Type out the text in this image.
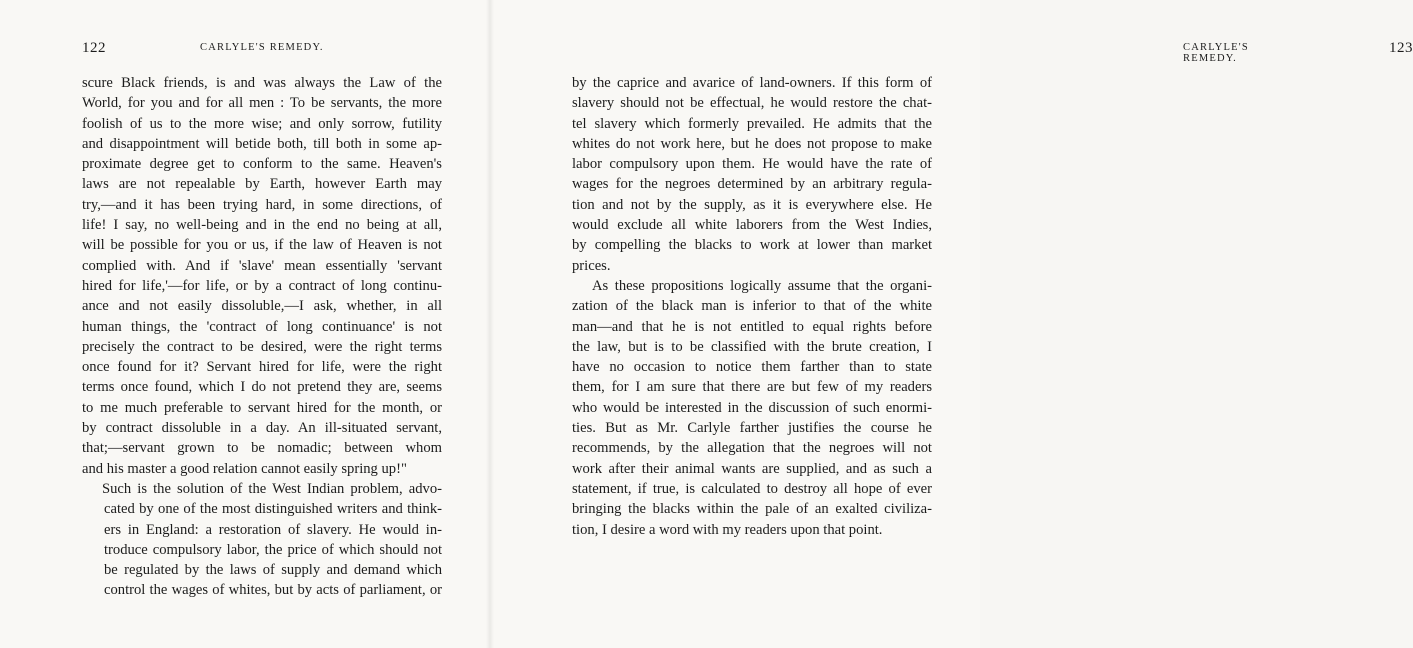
122	CARLYLE'S REMEDY.	123
CARLYLE'S REMEDY.
scure Black friends, is and was always the Law of the
World, for you and for all men : To be servants, the more
foolish of us to the more wise; and only sorrow, futility
and disappointment will betide both, till both in some ap-
proximate degree get to conform to the same. Heaven's
laws are not repealable by Earth, however Earth may
try,—and it has been trying hard, in some directions, of
life! I say, no well-being and in the end no being at all,
will be possible for you or us, if the law of Heaven is not
complied with. And if 'slave' mean essentially 'servant
hired for life,'—for life, or by a contract of long continu-
ance and not easily dissoluble,—I ask, whether, in all
human things, the 'contract of long continuance' is not
precisely the contract to be desired, were the right terms
once found for it? Servant hired for life, were the right
terms once found, which I do not pretend they are, seems
to me much preferable to servant hired for the month, or
by contract dissoluble in a day. An ill-situated servant,
that;—servant grown to be nomadic; between whom
and his master a good relation cannot easily spring up!"
Such is the solution of the West Indian problem, advo-
cated by one of the most distinguished writers and think-
ers in England: a restoration of slavery. He would in-
troduce compulsory labor, the price of which should not
be regulated by the laws of supply and demand which
control the wages of whites, but by acts of parliament, or
by the caprice and avarice of land-owners. If this form of
slavery should not be effectual, he would restore the chat-
tel slavery which formerly prevailed. He admits that the
whites do not work here, but he does not propose to make
labor compulsory upon them. He would have the rate of
wages for the negroes determined by an arbitrary regula-
tion and not by the supply, as it is everywhere else. He
would exclude all white laborers from the West Indies,
by compelling the blacks to work at lower than market
prices.
As these propositions logically assume that the organi-
zation of the black man is inferior to that of the white
man—and that he is not entitled to equal rights before
the law, but is to be classified with the brute creation, I
have no occasion to notice them farther than to state
them, for I am sure that there are but few of my readers
who would be interested in the discussion of such enormi-
ties. But as Mr. Carlyle farther justifies the course he
recommends, by the allegation that the negroes will not
work after their animal wants are supplied, and as such a
statement, if true, is calculated to destroy all hope of ever
bringing the blacks within the pale of an exalted civiliza-
tion, I desire a word with my readers upon that point.
